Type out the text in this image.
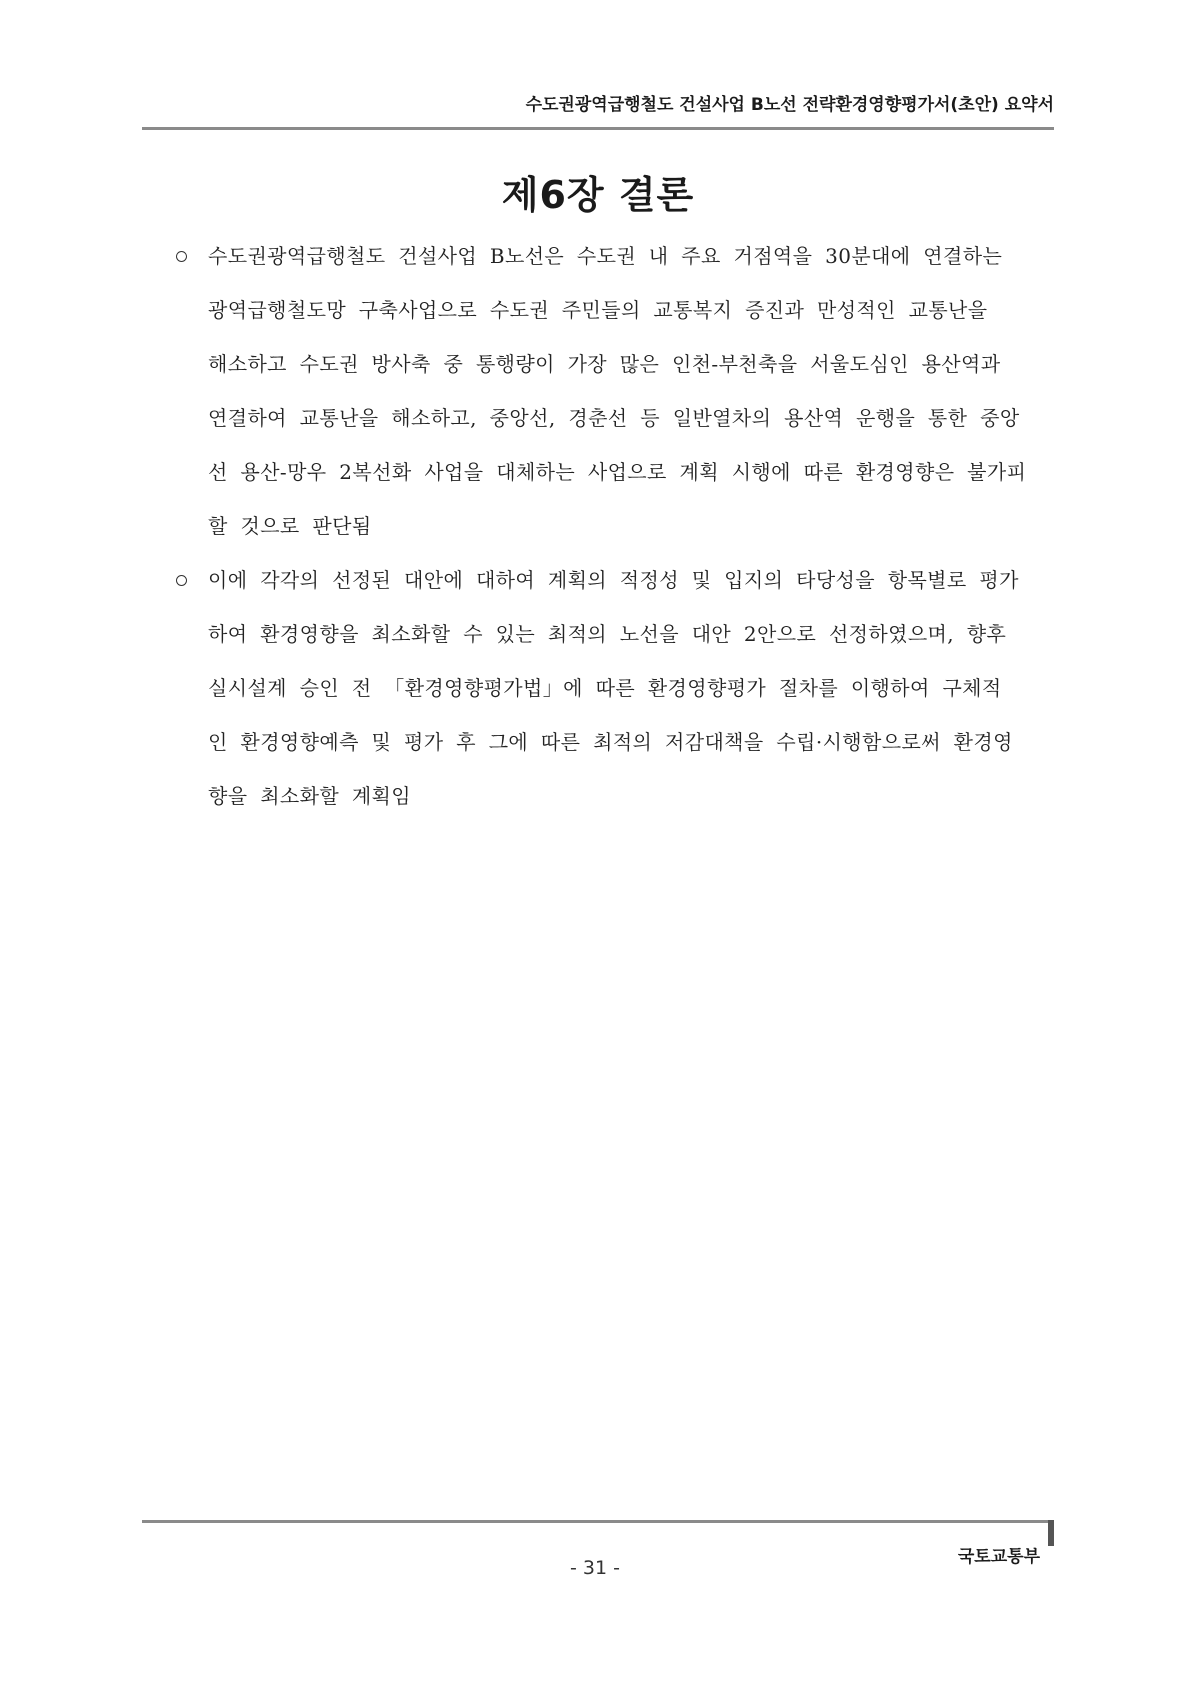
수도권광역급행철도 건설사업 B노선 전략환경영향평가서(초안) 요약서
제6장 결론
수도권광역급행철도 건설사업 B노선은 수도권 내 주요 거점역을 30분대에 연결하는
광역급행철도망 구축사업으로 수도권 주민들의 교통복지 증진과 만성적인 교통난을
해소하고 수도권 방사축 중 통행량이 가장 많은 인천-부천축을 서울도심인 용산역과
연결하여 교통난을 해소하고, 중앙선, 경춘선 등 일반열차의 용산역 운행을 통한 중앙
선 용산-망우 2복선화 사업을 대체하는 사업으로 계획 시행에 따른 환경영향은 불가피
할 것으로 판단됨
이에 각각의 선정된 대안에 대하여 계획의 적정성 및 입지의 타당성을 항목별로 평가
하여 환경영향을 최소화할 수 있는 최적의 노선을 대안 2안으로 선정하였으며, 향후
실시설계 승인 전 「환경영향평가법」에 따른 환경영향평가 절차를 이행하여 구체적
인 환경영향예측 및 평가 후 그에 따른 최적의 저감대책을 수립·시행함으로써 환경영
향을 최소화할 계획임
국토교통부
- 31 -
